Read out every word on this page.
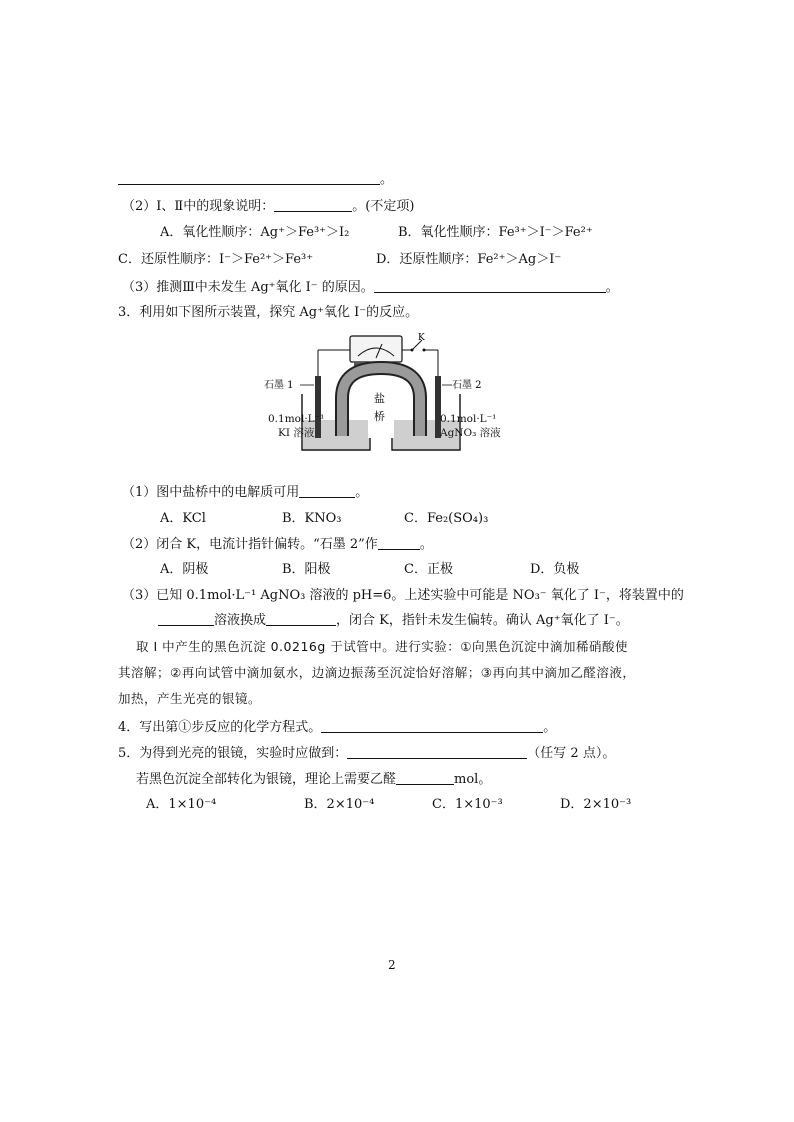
。
（2）Ⅰ、Ⅱ中的现象说明：	。(不定项)
A．氧化性顺序：Ag⁺＞Fe³⁺＞I₂	B．氧化性顺序：Fe³⁺＞I⁻＞Fe²⁺
C．还原性顺序：I⁻＞Fe²⁺＞Fe³⁺	D．还原性顺序：Fe²⁺＞Ag＞I⁻
（3）推测Ⅲ中未发生 Ag⁺氧化 I⁻ 的原因。	。
3．利用如下图所示装置，探究 Ag⁺氧化 I⁻的反应。
K
盐
桥
石墨 1	石墨 2
0.1mol·L⁻¹
KI 溶液
0.1mol·L⁻¹
AgNO₃ 溶液
（1）图中盐桥中的电解质可用	。
A．KCl	B．KNO₃	C．Fe₂(SO₄)₃
（2）闭合 K，电流计指针偏转。“石墨 2”作	。
A．阴极	B．阳极	C．正极	D．负极
（3）已知 0.1mol·L⁻¹ AgNO₃ 溶液的 pH=6。上述实验中可能是 NO₃⁻ 氧化了 I⁻，将装置中的
溶液换成	，闭合 K，指针未发生偏转。确认 Ag⁺氧化了 I⁻。
取 I 中产生的黑色沉淀 0.0216g 于试管中。进行实验：①向黑色沉淀中滴加稀硝酸使
其溶解；②再向试管中滴加氨水，边滴边振荡至沉淀恰好溶解；③再向其中滴加乙醛溶液，
加热，产生光亮的银镜。
4．写出第①步反应的化学方程式。	。
5．为得到光亮的银镜，实验时应做到：	（任写 2 点）。
若黑色沉淀全部转化为银镜，理论上需要乙醛	mol。
A．1×10⁻⁴	B．2×10⁻⁴	C．1×10⁻³	D．2×10⁻³
2
